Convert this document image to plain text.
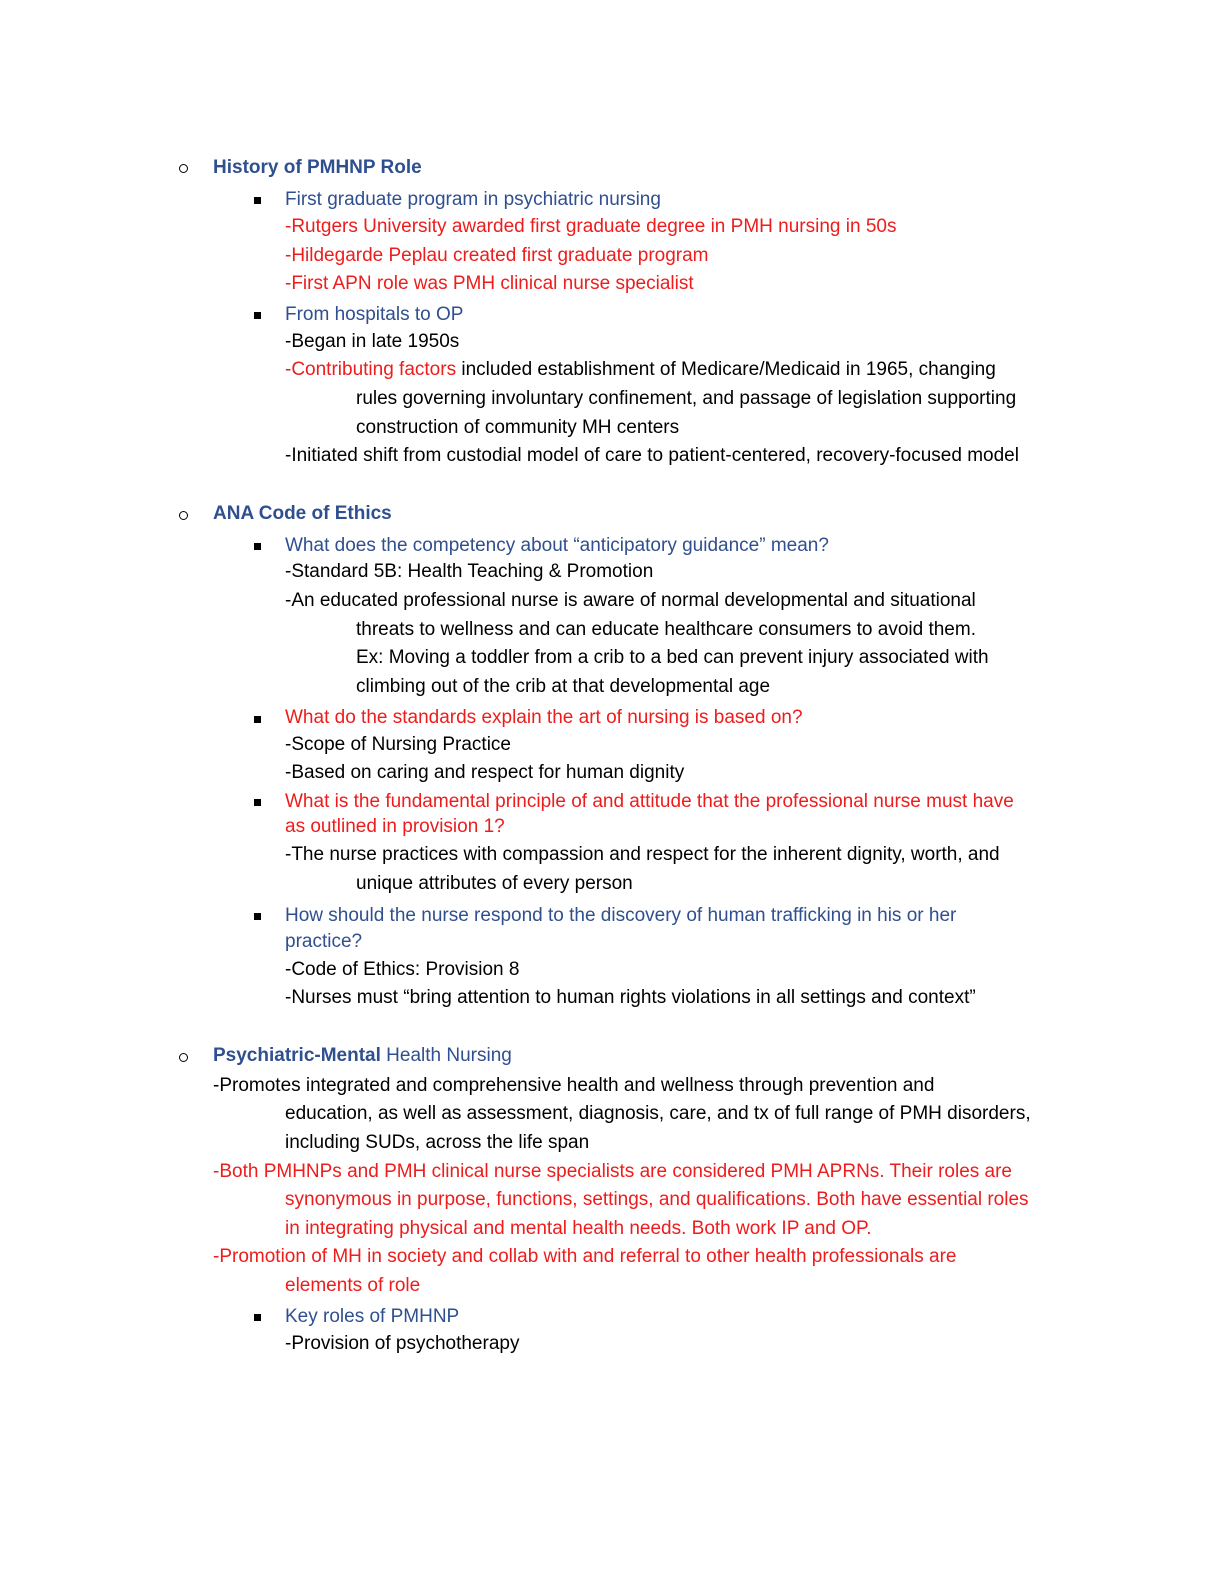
History of PMHNP Role
First graduate program in psychiatric nursing
-Rutgers University awarded first graduate degree in PMH nursing in 50s
-Hildegarde Peplau created first graduate program
-First APN role was PMH clinical nurse specialist
From hospitals to OP
-Began in late 1950s
-Contributing factors included establishment of Medicare/Medicaid in 1965, changing
rules governing involuntary confinement, and passage of legislation supporting
construction of community MH centers
-Initiated shift from custodial model of care to patient-centered, recovery-focused model
ANA Code of Ethics
What does the competency about “anticipatory guidance” mean?
-Standard 5B: Health Teaching & Promotion
-An educated professional nurse is aware of normal developmental and situational
threats to wellness and can educate healthcare consumers to avoid them.
Ex: Moving a toddler from a crib to a bed can prevent injury associated with
climbing out of the crib at that developmental age
What do the standards explain the art of nursing is based on?
-Scope of Nursing Practice
-Based on caring and respect for human dignity
What is the fundamental principle of and attitude that the professional nurse must have
as outlined in provision 1?
-The nurse practices with compassion and respect for the inherent dignity, worth, and
unique attributes of every person
How should the nurse respond to the discovery of human trafficking in his or her
practice?
-Code of Ethics: Provision 8
-Nurses must “bring attention to human rights violations in all settings and context”
Psychiatric-Mental Health Nursing
-Promotes integrated and comprehensive health and wellness through prevention and
education, as well as assessment, diagnosis, care, and tx of full range of PMH disorders,
including SUDs, across the life span
-Both PMHNPs and PMH clinical nurse specialists are considered PMH APRNs. Their roles are
synonymous in purpose, functions, settings, and qualifications. Both have essential roles
in integrating physical and mental health needs. Both work IP and OP.
-Promotion of MH in society and collab with and referral to other health professionals are
elements of role
Key roles of PMHNP
-Provision of psychotherapy
